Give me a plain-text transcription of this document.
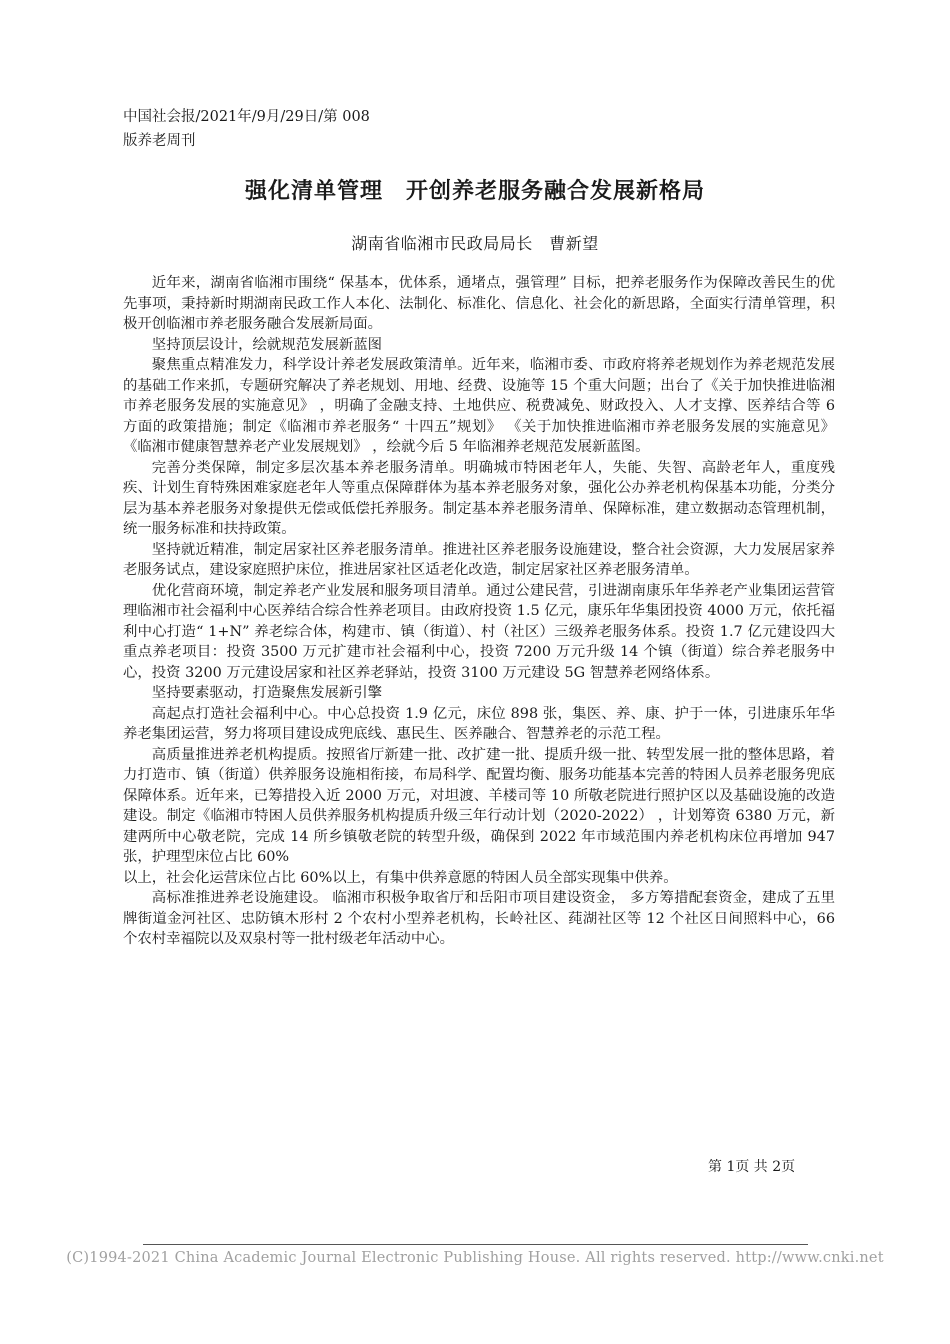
中国社会报/2021年/9月/29日/第 008
版养老周刊
强化清单管理　开创养老服务融合发展新格局
湖南省临湘市民政局局长　曹新望

近年来，湖南省临湘市围绕“ 保基本，优体系，通堵点，强管理” 目标，把养老服务作为保障改善民生的优先事项，秉持新时期湖南民政工作人本化、法制化、标准化、信息化、社会化的新思路，全面实行清单管理，积极开创临湘市养老服务融合发展新局面。

坚持顶层设计，绘就规范发展新蓝图

聚焦重点精准发力，科学设计养老发展政策清单。近年来，临湘市委、市政府将养老规划作为养老规范发展的基础工作来抓，专题研究解决了养老规划、用地、经费、设施等 15 个重大问题；出台了《关于加快推进临湘市养老服务发展的实施意见》 ，明确了金融支持、土地供应、税费减免、财政投入、人才支撑、医养结合等 6 方面的政策措施；制定《临湘市养老服务“ 十四五”规划》 《关于加快推进临湘市养老服务发展的实施意见》 《临湘市健康智慧养老产业发展规划》 ，绘就今后 5 年临湘养老规范发展新蓝图。

完善分类保障，制定多层次基本养老服务清单。明确城市特困老年人，失能、失智、高龄老年人，重度残疾、计划生育特殊困难家庭老年人等重点保障群体为基本养老服务对象，强化公办养老机构保基本功能，分类分层为基本养老服务对象提供无偿或低偿托养服务。制定基本养老服务清单、保障标准，建立数据动态管理机制，统一服务标准和扶持政策。

坚持就近精准，制定居家社区养老服务清单。推进社区养老服务设施建设，整合社会资源，大力发展居家养老服务试点，建设家庭照护床位，推进居家社区适老化改造，制定居家社区养老服务清单。

优化营商环境，制定养老产业发展和服务项目清单。通过公建民营，引进湖南康乐年华养老产业集团运营管理临湘市社会福利中心医养结合综合性养老项目。由政府投资 1.5 亿元，康乐年华集团投资 4000 万元，依托福利中心打造“ 1+N” 养老综合体，构建市、镇（街道）、村（社区）三级养老服务体系。投资 1.7 亿元建设四大重点养老项目：投资 3500 万元扩建市社会福利中心，投资 7200 万元升级 14 个镇（街道）综合养老服务中心，投资 3200 万元建设居家和社区养老驿站，投资 3100 万元建设 5G 智慧养老网络体系。

坚持要素驱动，打造聚焦发展新引擎

高起点打造社会福利中心。中心总投资 1.9 亿元，床位 898 张，集医、养、康、护于一体，引进康乐年华养老集团运营，努力将项目建设成兜底线、惠民生、医养融合、智慧养老的示范工程。

高质量推进养老机构提质。按照省厅新建一批、改扩建一批、提质升级一批、转型发展一批的整体思路，着力打造市、镇（街道）供养服务设施相衔接，布局科学、配置均衡、服务功能基本完善的特困人员养老服务兜底保障体系。近年来，已筹措投入近 2000 万元，对坦渡、羊楼司等 10 所敬老院进行照护区以及基础设施的改造建设。制定《临湘市特困人员供养服务机构提质升级三年行动计划（2020-2022） ，计划筹资 6380 万元，新建两所中心敬老院，完成 14 所乡镇敬老院的转型升级，确保到 2022 年市域范围内养老机构床位再增加 947 张，护理型床位占比 60%

以上，社会化运营床位占比 60%以上，有集中供养意愿的特困人员全部实现集中供养。

高标准推进养老设施建设。 临湘市积极争取省厅和岳阳市项目建设资金， 多方筹措配套资金，建成了五里牌街道金河社区、忠防镇木形村 2 个农村小型养老机构，长岭社区、莼湖社区等 12 个社区日间照料中心，66 个农村幸福院以及双泉村等一批村级老年活动中心。

第 1页 共 2页
(C)1994-2021 China Academic Journal Electronic Publishing House. All rights reserved. http://www.cnki.net
